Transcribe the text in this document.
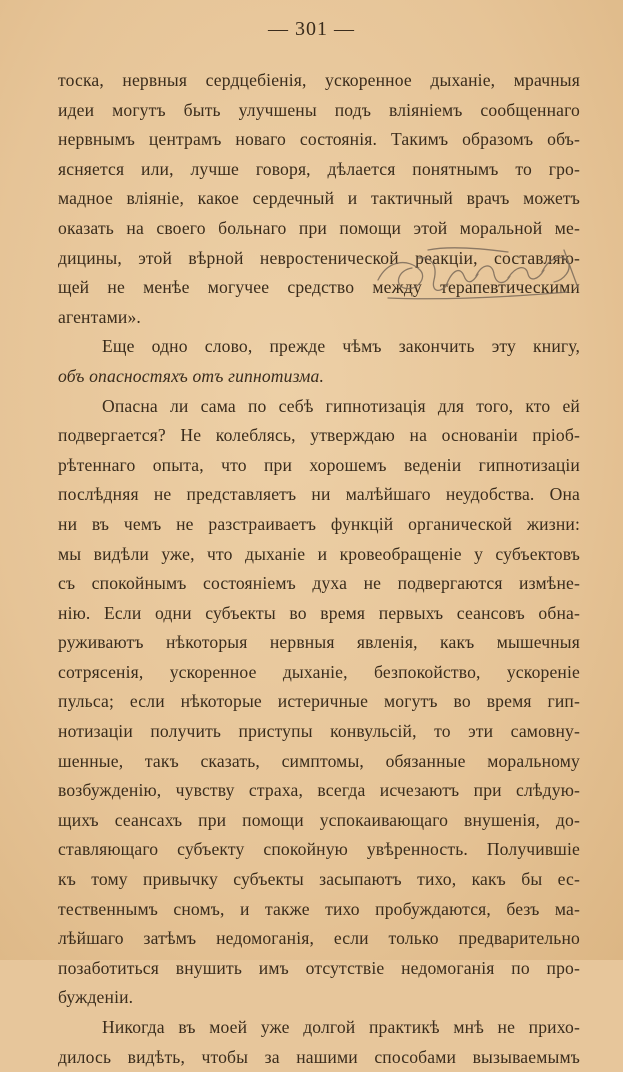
— 301 —
тоска, нервныя сердцебіенія, ускоренное дыханіе, мрачныя
идеи могутъ быть улучшены подъ вліяніемъ сообщеннаго
нервнымъ центрамъ новаго состоянія. Такимъ образомъ объ-
ясняется или, лучше говоря, дѣлается понятнымъ то гро-
мадное вліяніе, какое сердечный и тактичный врачъ можетъ
оказать на своего больнаго при помощи этой моральной ме-
дицины, этой вѣрной невростенической реакціи, составляю-
щей не менѣе могучее средство между терапевтическими
агентами».
Еще одно слово, прежде чѣмъ закончить эту книгу,
объ опасностяхъ отъ гипнотизма.
Опасна ли сама по себѣ гипнотизація для того, кто ей
подвергается? Не колеблясь, утверждаю на основаніи пріоб-
рѣтеннаго опыта, что при хорошемъ веденіи гипнотизаціи
послѣдняя не представляетъ ни малѣйшаго неудобства. Она
ни въ чемъ не разстраиваетъ функцій органической жизни:
мы видѣли уже, что дыханіе и кровеобращеніе у субъектовъ
съ спокойнымъ состояніемъ духа не подвергаются измѣне-
нію. Если одни субъекты во время первыхъ сеансовъ обна-
руживаютъ нѣкоторыя нервныя явленія, какъ мышечныя
сотрясенія, ускоренное дыханіе, безпокойство, ускореніе
пульса; если нѣкоторые истеричные могутъ во время гип-
нотизаціи получить приступы конвульсій, то эти самовну-
шенные, такъ сказать, симптомы, обязанные моральному
возбужденію, чувству страха, всегда исчезаютъ при слѣдую-
щихъ сеансахъ при помощи успокаивающаго внушенія, до-
ставляющаго субъекту спокойную увѣренность. Получившіе
къ тому привычку субъекты засыпаютъ тихо, какъ бы ес-
тественнымъ сномъ, и также тихо пробуждаются, безъ ма-
лѣйшаго затѣмъ недомоганія, если только предварительно
позаботиться внушить имъ отсутствіе недомоганія по про-
бужденіи.
Никогда въ моей уже долгой практикѣ мнѣ не прихо-
дилось видѣть, чтобы за нашими способами вызываемымъ
